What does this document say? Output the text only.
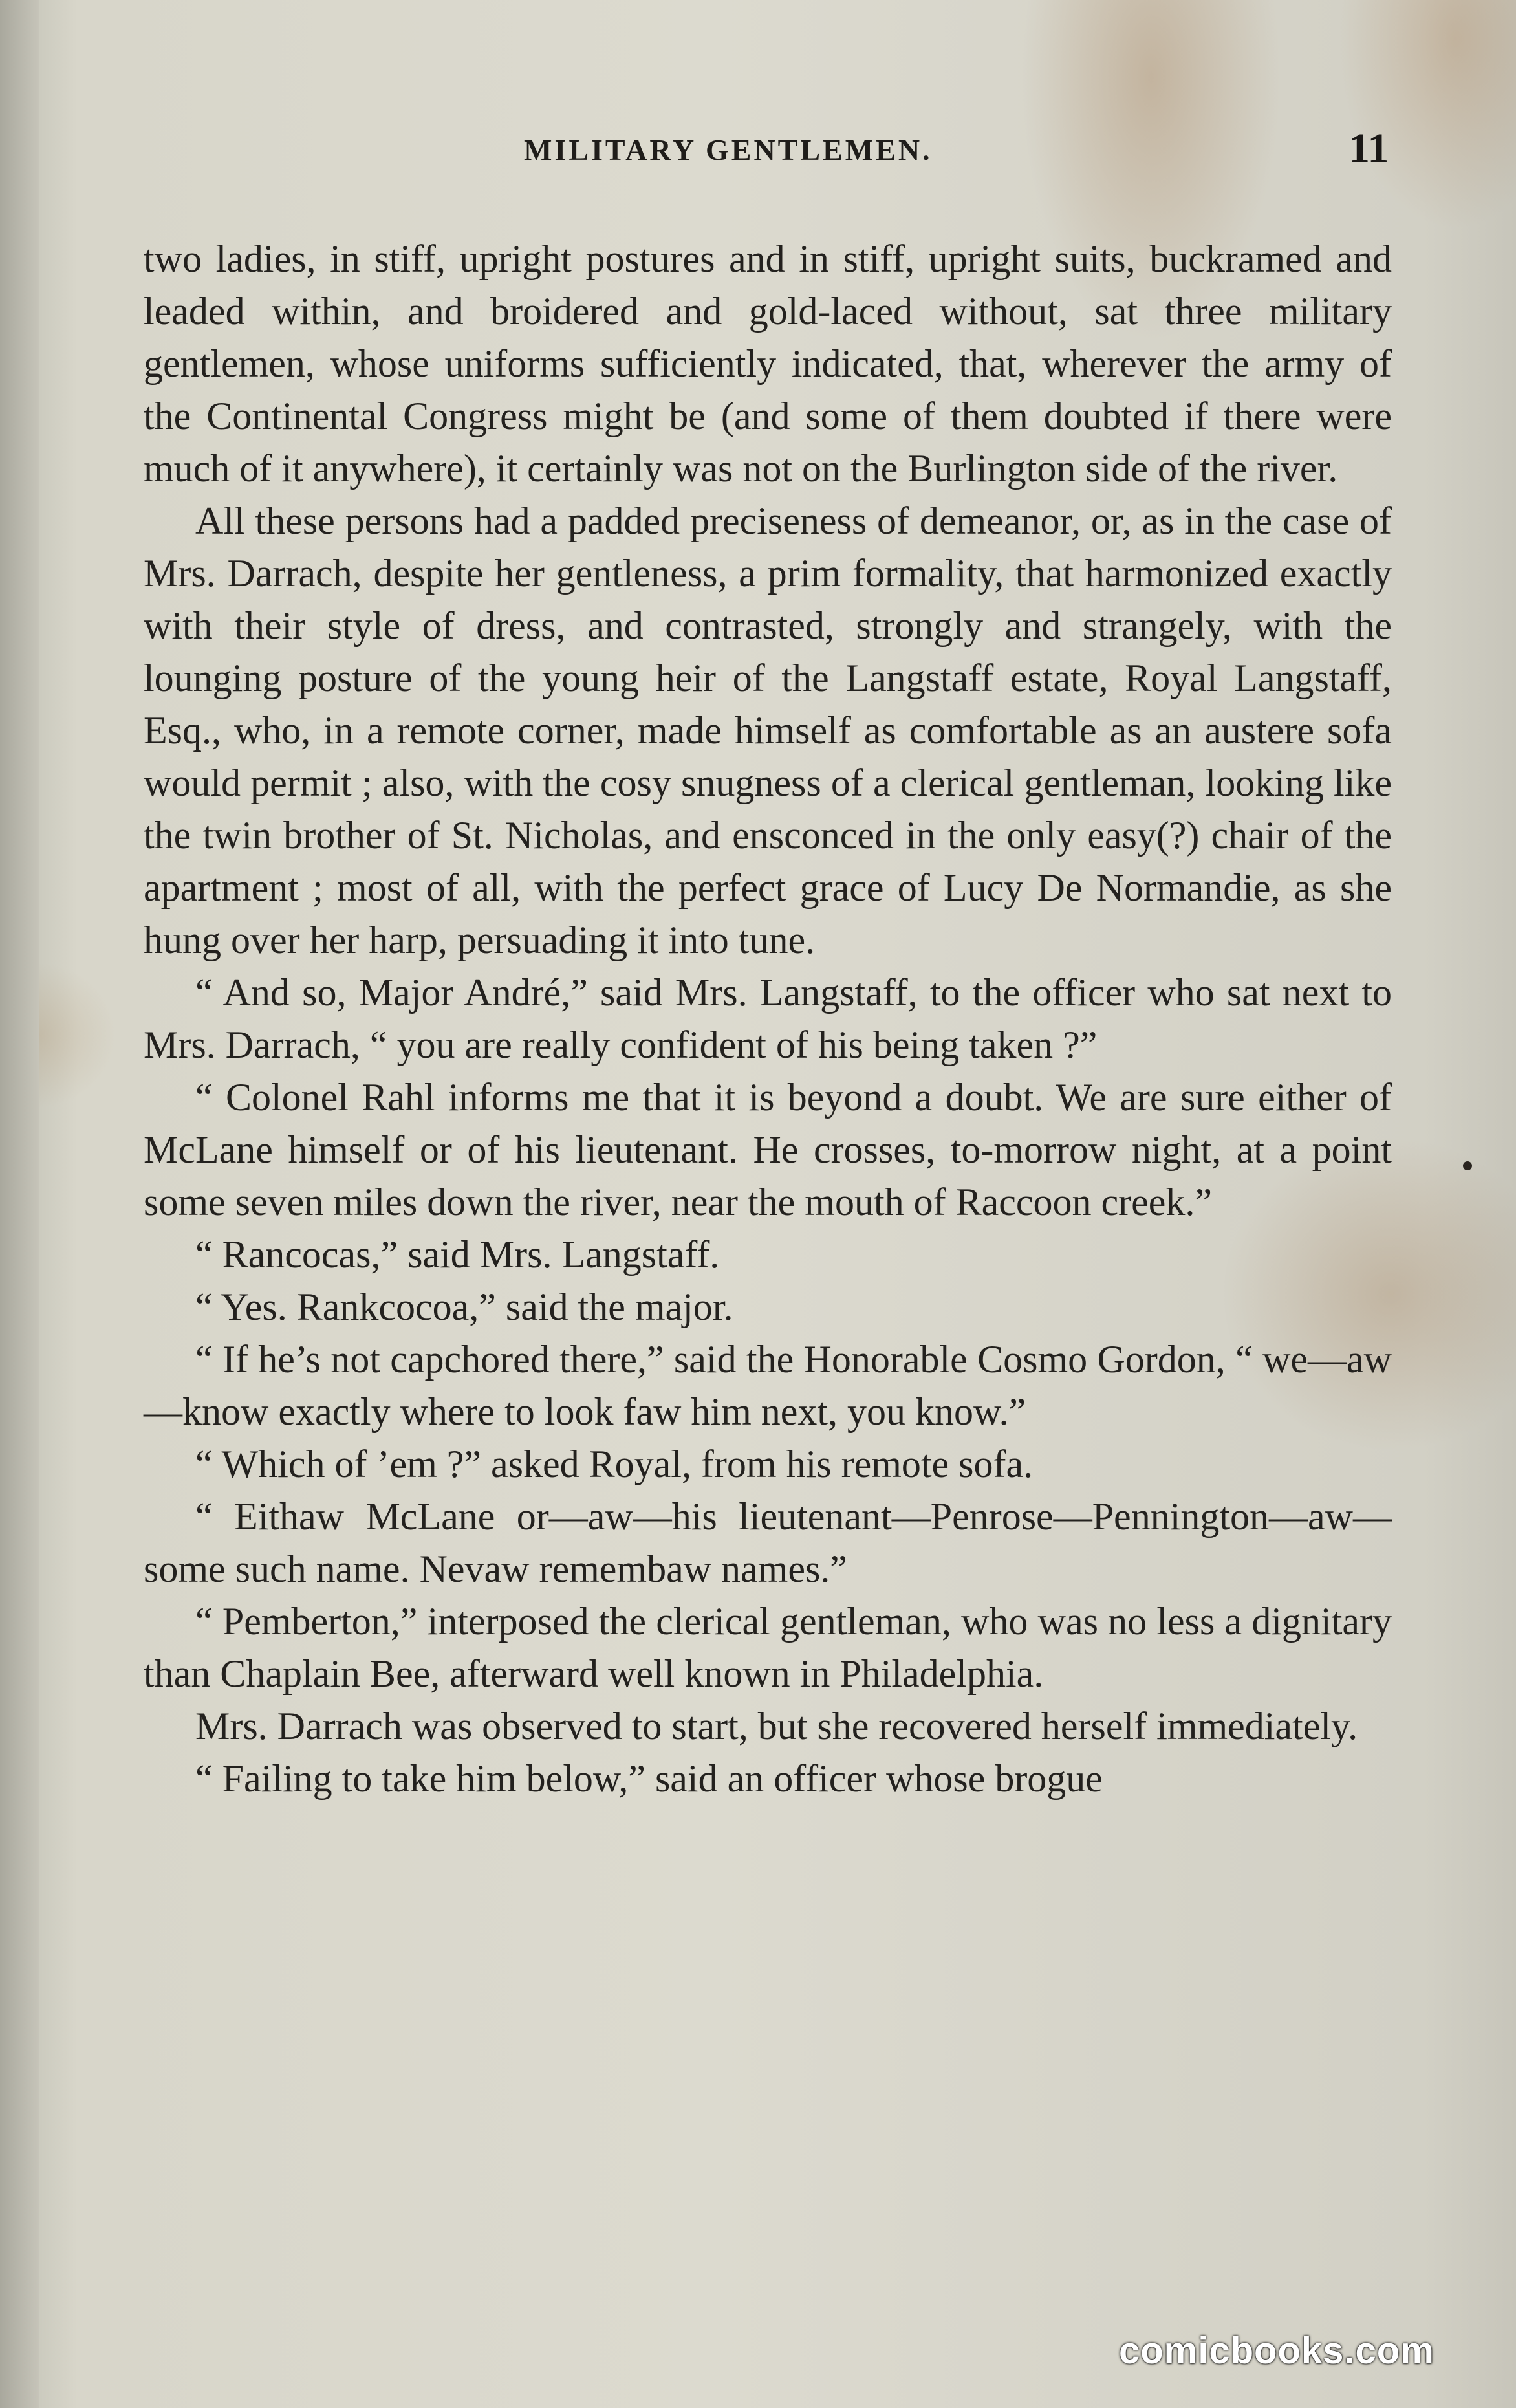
MILITARY GENTLEMEN.	11

two ladies, in stiff, upright postures and in stiff, upright suits, buckramed and leaded within, and broidered and gold-laced without, sat three military gentlemen, whose uniforms sufficiently indicated, that, wherever the army of the Continental Congress might be (and some of them doubted if there were much of it anywhere), it certainly was not on the Burlington side of the river.

All these persons had a padded preciseness of demeanor, or, as in the case of Mrs. Darrach, despite her gentleness, a prim formality, that harmonized exactly with their style of dress, and contrasted, strongly and strangely, with the lounging posture of the young heir of the Langstaff estate, Royal Langstaff, Esq., who, in a remote corner, made himself as comfortable as an austere sofa would permit ; also, with the cosy snugness of a clerical gentleman, looking like the twin brother of St. Nicholas, and ensconced in the only easy(?) chair of the apartment ; most of all, with the perfect grace of Lucy De Normandie, as she hung over her harp, persuading it into tune.

“ And so, Major André,” said Mrs. Langstaff, to the officer who sat next to Mrs. Darrach, “ you are really confident of his being taken ?”

“ Colonel Rahl informs me that it is beyond a doubt. We are sure either of McLane himself or of his lieutenant. He crosses, to-morrow night, at a point some seven miles down the river, near the mouth of Raccoon creek.”

“ Rancocas,” said Mrs. Langstaff.

“ Yes. Rankcocoa,” said the major.

“ If he’s not capchored there,” said the Honorable Cosmo Gordon, “ we—aw—know exactly where to look faw him next, you know.”

“ Which of ’em ?” asked Royal, from his remote sofa.

“ Eithaw McLane or—aw—his lieutenant—Penrose—Pennington—aw—some such name. Nevaw remembaw names.”

“ Pemberton,” interposed the clerical gentleman, who was no less a dignitary than Chaplain Bee, afterward well known in Philadelphia.

Mrs. Darrach was observed to start, but she recovered herself immediately.

“ Failing to take him below,” said an officer whose brogue

comicbooks.com
